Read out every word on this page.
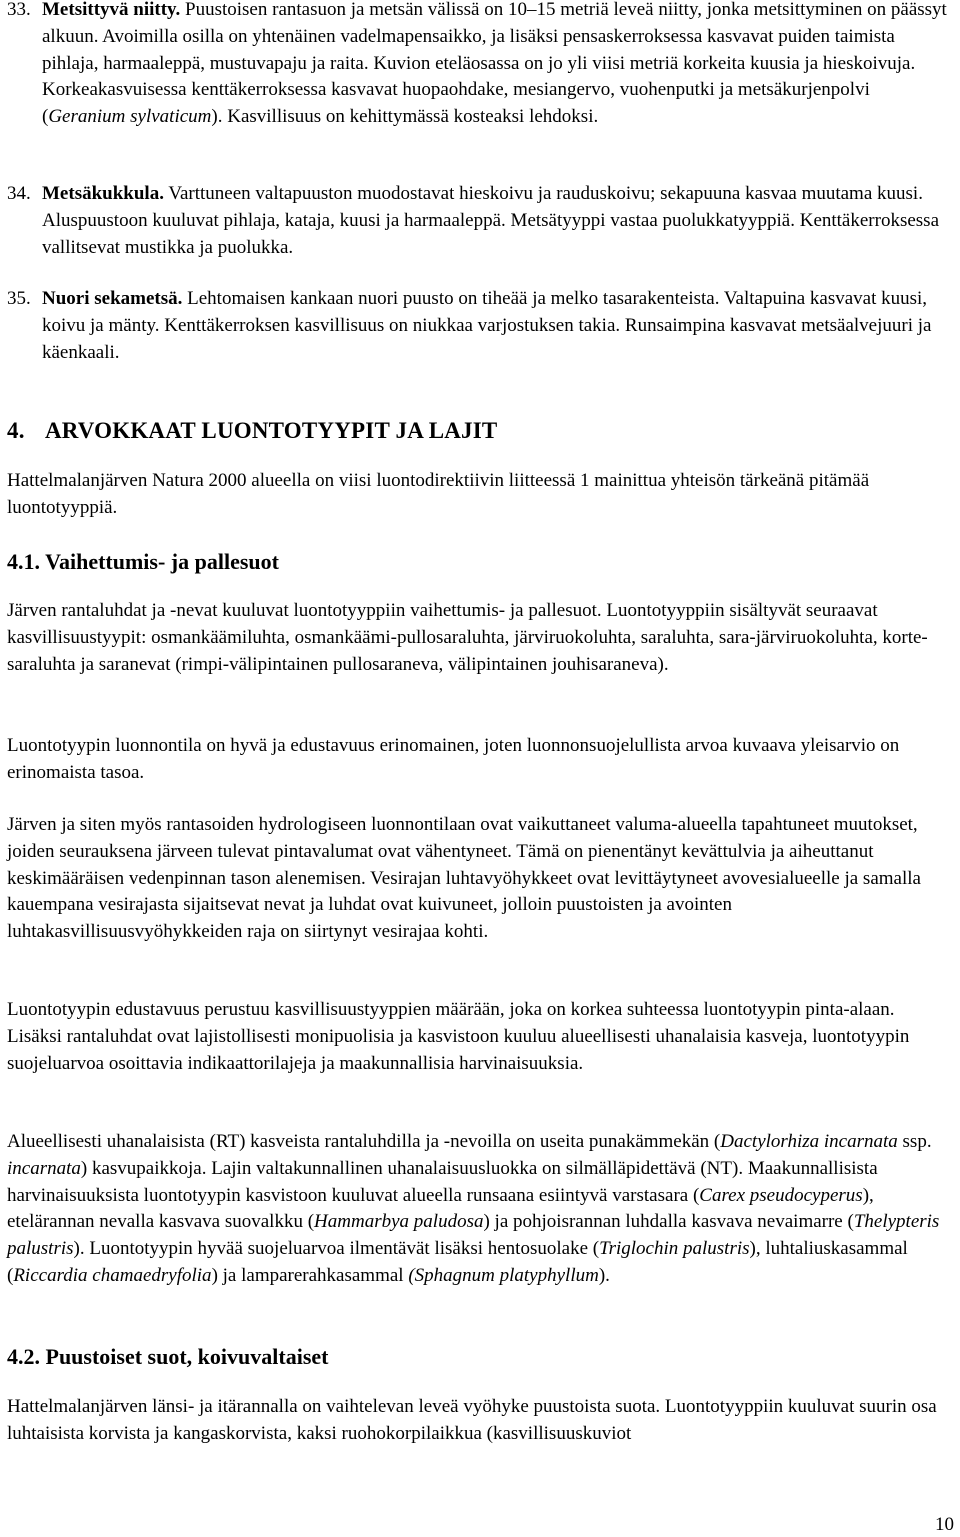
33. Metsittyvä niitty. Puustoisen rantasuon ja metsän välissä on 10–15 metriä leveä niitty, jonka metsittyminen on päässyt alkuun. Avoimilla osilla on yhtenäinen vadelmapensaikko, ja lisäksi pensaskerroksessa kasvavat puiden taimista pihlaja, harmaaleppä, mustuvapaju ja raita. Kuvion eteläosassa on jo yli viisi metriä korkeita kuusia ja hieskoivuja. Korkeakasvuisessa kenttäkerroksessa kasvavat huopaohdake, mesiangervo, vuohenputki ja metsäkurjenpolvi (Geranium sylvaticum). Kasvillisuus on kehittymässä kosteaksi lehdoksi.

34. Metsäkukkula. Varttuneen valtapuuston muodostavat hieskoivu ja rauduskoivu; sekapuuna kasvaa muutama kuusi. Aluspuustoon kuuluvat pihlaja, kataja, kuusi ja harmaaleppä. Metsätyyppi vastaa puolukkatyyppiä. Kenttäkerroksessa vallitsevat mustikka ja puolukka.

35. Nuori sekametsä. Lehtomaisen kankaan nuori puusto on tiheää ja melko tasarakenteista. Valtapuina kasvavat kuusi, koivu ja mänty. Kenttäkerroksen kasvillisuus on niukkaa varjostuksen takia. Runsaimpina kasvavat metsäalvejuuri ja käenkaali.

4. ARVOKKAAT LUONTOTYYPIT JA LAJIT

Hattelmalanjärven Natura 2000 alueella on viisi luontodirektiivin liitteessä 1 mainittua yhteisön tärkeänä pitämää luontotyyppiä.

4.1. Vaihettumis- ja pallesuot

Järven rantaluhdat ja -nevat kuuluvat luontotyyppiin vaihettumis- ja pallesuot. Luontotyyppiin sisältyvät seuraavat kasvillisuustyypit: osmankäämiluhta, osmankäämi-pullosaraluhta, järviruokoluhta, saraluhta, sara-järviruokoluhta, korte-saraluhta ja saranevat (rimpi-välipintainen pullosaraneva, välipintainen jouhisaraneva).

Luontotyypin luonnontila on hyvä ja edustavuus erinomainen, joten luonnonsuojelullista arvoa kuvaava yleisarvio on erinomaista tasoa.

Järven ja siten myös rantasoiden hydrologiseen luonnontilaan ovat vaikuttaneet valuma-alueella tapahtuneet muutokset, joiden seurauksena järveen tulevat pintavalumat ovat vähentyneet. Tämä on pienentänyt kevättulvia ja aiheuttanut keskimääräisen vedenpinnan tason alenemisen. Vesirajan luhtavyöhykkeet ovat levittäytyneet avovesialueelle ja samalla kauempana vesirajasta sijaitsevat nevat ja luhdat ovat kuivuneet, jolloin puustoisten ja avointen luhtakasvillisuusvyöhykkeiden raja on siirtynyt vesirajaa kohti.

Luontotyypin edustavuus perustuu kasvillisuustyyppien määrään, joka on korkea suhteessa luontotyypin pinta-alaan. Lisäksi rantaluhdat ovat lajistollisesti monipuolisia ja kasvistoon kuuluu alueellisesti uhanalaisia kasveja, luontotyypin suojeluarvoa osoittavia indikaattorilajeja ja maakunnallisia harvinaisuuksia.

Alueellisesti uhanalaisista (RT) kasveista rantaluhdilla ja -nevoilla on useita punakämmekän (Dactylorhiza incarnata ssp. incarnata) kasvupaikkoja. Lajin valtakunnallinen uhanalaisuusluokka on silmälläpidettävä (NT). Maakunnallisista harvinaisuuksista luontotyypin kasvistoon kuuluvat alueella runsaana esiintyvä varstasara (Carex pseudocyperus), etelärannan nevalla kasvava suovalkku (Hammarbya paludosa) ja pohjoisrannan luhdalla kasvava nevaimarre (Thelypteris palustris). Luontotyypin hyvää suojeluarvoa ilmentävät lisäksi hentosuolake (Triglochin palustris), luhtaliuskasammal (Riccardia chamaedryfolia) ja lamparerahkasammal (Sphagnum platyphyllum).

4.2. Puustoiset suot, koivuvaltaiset

Hattelmalanjärven länsi- ja itärannalla on vaihtelevan leveä vyöhyke puustoista suota. Luontotyyppiin kuuluvat suurin osa luhtaisista korvista ja kangaskorvista, kaksi ruohokorpilaikkua (kasvillisuuskuviot

10
